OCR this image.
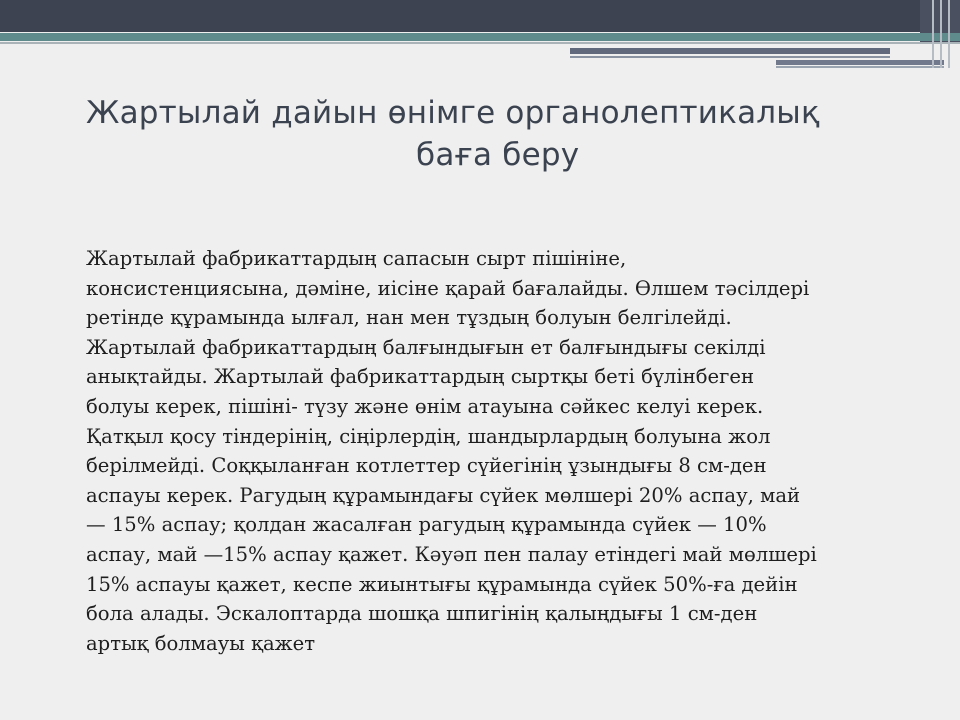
Жартылай дайын өнімге органолептикалық
баға беру
Жартылай фабрикаттардың сапасын сырт пішініне,
консистенциясына, дәміне, иісіне қарай бағалайды. Өлшем тәсілдері
ретінде құрамында ылғал, нан мен тұздың болуын белгілейді.
Жартылай фабрикаттардың балғындығын ет балғындығы секілді
анықтайды. Жартылай фабрикаттардың сыртқы беті бүлінбеген
болуы керек, пішіні- түзу және өнім атауына сәйкес келуі керек.
Қатқыл қосу тіндерінің, сіңірлердің, шандырлардың болуына жол
берілмейді. Соққыланған котлеттер сүйегінің ұзындығы 8 см-ден
аспауы керек. Рагудың құрамындағы сүйек мөлшері 20% аспау, май
— 15% аспау; қолдан жасалған рагудың құрамында сүйек — 10%
аспау, май —15% аспау қажет. Кәуәп пен палау етіндегі май мөлшері
15% аспауы қажет, кеспе жиынтығы құрамында сүйек 50%-ға дейін
бола алады. Эскалоптарда шошқа шпигінің қалыңдығы 1 см-ден
артық болмауы қажет
